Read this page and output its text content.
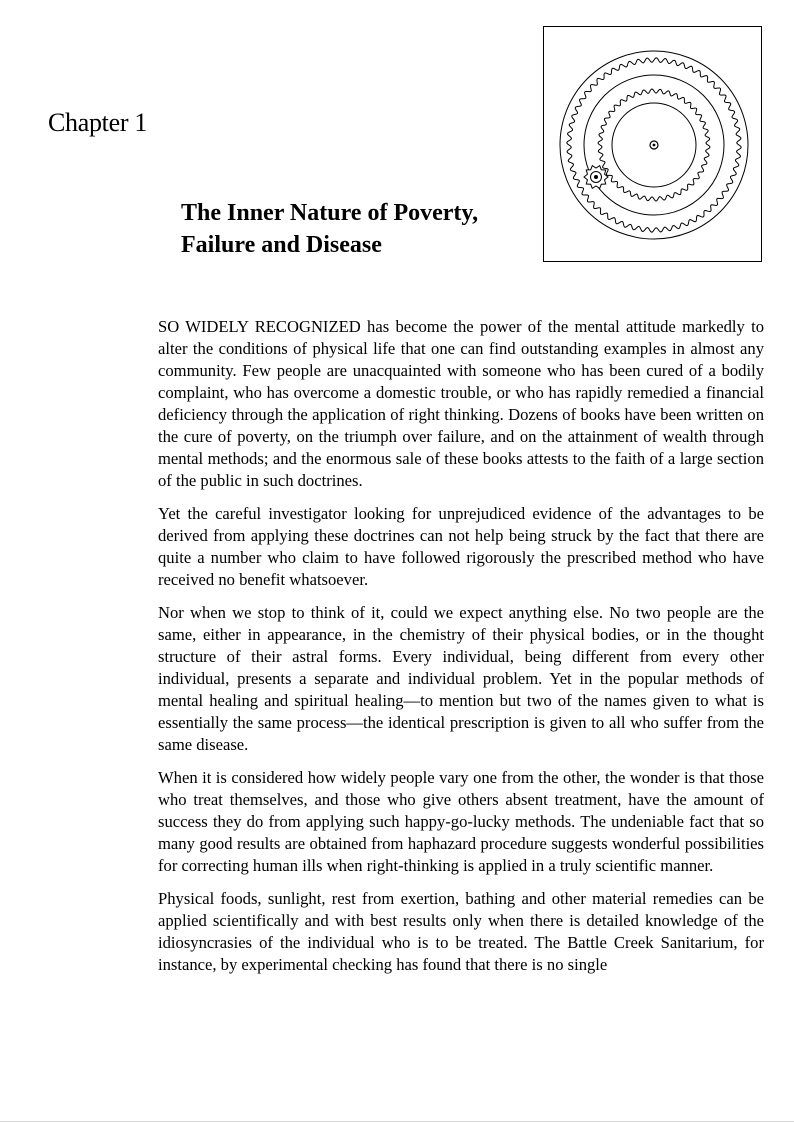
Chapter 1
The Inner Nature of Poverty,
Failure and Disease

SO WIDELY RECOGNIZED has become the power of the mental attitude markedly to alter the conditions of physical life that one can find outstanding examples in almost any community. Few people are unacquainted with someone who has been cured of a bodily complaint, who has overcome a domestic trouble, or who has rapidly remedied a financial deficiency through the application of right thinking. Dozens of books have been written on the cure of poverty, on the triumph over failure, and on the attainment of wealth through mental methods; and the enormous sale of these books attests to the faith of a large section of the public in such doctrines.

Yet the careful investigator looking for unprejudiced evidence of the advantages to be derived from applying these doctrines can not help being struck by the fact that there are quite a number who claim to have followed rigorously the prescribed method who have received no benefit whatsoever.

Nor when we stop to think of it, could we expect anything else. No two people are the same, either in appearance, in the chemistry of their physical bodies, or in the thought structure of their astral forms. Every individual, being different from every other individual, presents a separate and individual problem. Yet in the popular methods of mental healing and spiritual healing—to mention but two of the names given to what is essentially the same process—the identical prescription is given to all who suffer from the same disease.

When it is considered how widely people vary one from the other, the wonder is that those who treat themselves, and those who give others absent treatment, have the amount of success they do from applying such happy-go-lucky methods. The undeniable fact that so many good results are obtained from haphazard procedure suggests wonderful possibilities for correcting human ills when right-thinking is applied in a truly scientific manner.

Physical foods, sunlight, rest from exertion, bathing and other material remedies can be applied scientifically and with best results only when there is detailed knowledge of the idiosyncrasies of the individual who is to be treated. The Battle Creek Sanitarium, for instance, by experimental checking has found that there is no single
